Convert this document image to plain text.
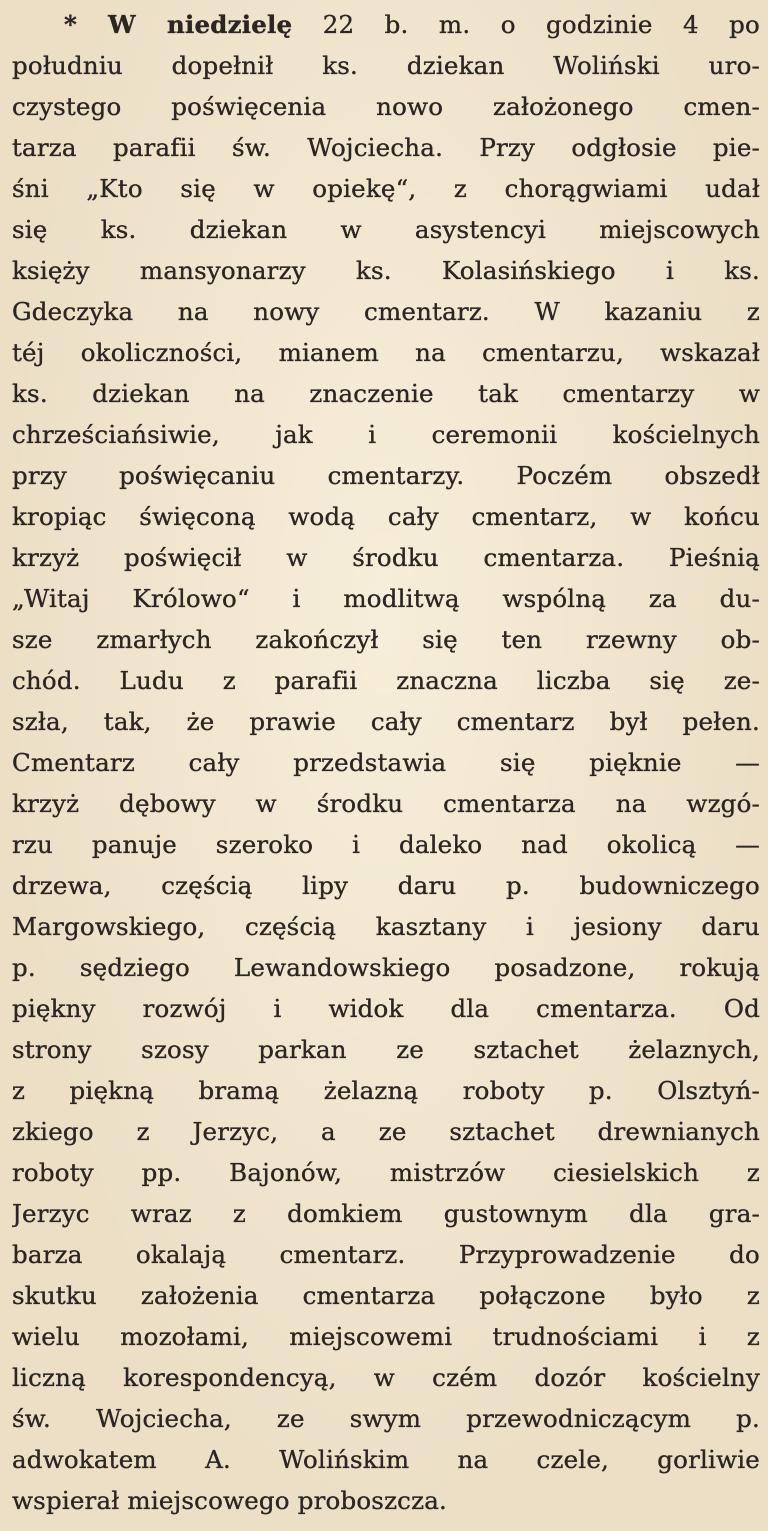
* W niedzielę 22 b. m. o godzinie 4 po
południu dopełnił ks. dziekan Woliński uro-
czystego poświęcenia nowo założonego cmen-
tarza parafii św. Wojciecha. Przy odgłosie pie-
śni „Kto się w opiekę“, z chorągwiami udał
się ks. dziekan w asystencyi miejscowych
księży mansyonarzy ks. Kolasińskiego i ks.
Gdeczyka na nowy cmentarz. W kazaniu z
téj okoliczności, mianem na cmentarzu, wskazał
ks. dziekan na znaczenie tak cmentarzy w
chrześciańsiwie, jak i ceremonii kościelnych
przy poświęcaniu cmentarzy. Poczém obszedł
kropiąc święconą wodą cały cmentarz, w końcu
krzyż poświęcił w środku cmentarza. Pieśnią
„Witaj Królowo“ i modlitwą wspólną za du-
sze zmarłych zakończył się ten rzewny ob-
chód. Ludu z parafii znaczna liczba się ze-
szła, tak, że prawie cały cmentarz był pełen.
Cmentarz cały przedstawia się pięknie —
krzyż dębowy w środku cmentarza na wzgó-
rzu panuje szeroko i daleko nad okolicą —
drzewa, częścią lipy daru p. budowniczego
Margowskiego, częścią kasztany i jesiony daru
p. sędziego Lewandowskiego posadzone, rokują
piękny rozwój i widok dla cmentarza. Od
strony szosy parkan ze sztachet żelaznych,
z piękną bramą żelazną roboty p. Olsztyń-
zkiego z Jerzyc, a ze sztachet drewnianych
roboty pp. Bajonów, mistrzów ciesielskich z
Jerzyc wraz z domkiem gustownym dla gra-
barza okalają cmentarz. Przyprowadzenie do
skutku założenia cmentarza połączone było z
wielu mozołami, miejscowemi trudnościami i z
liczną korespondencyą, w czém dozór kościelny
św. Wojciecha, ze swym przewodniczącym p.
adwokatem A. Wolińskim na czele, gorliwie
wspierał miejscowego proboszcza.
